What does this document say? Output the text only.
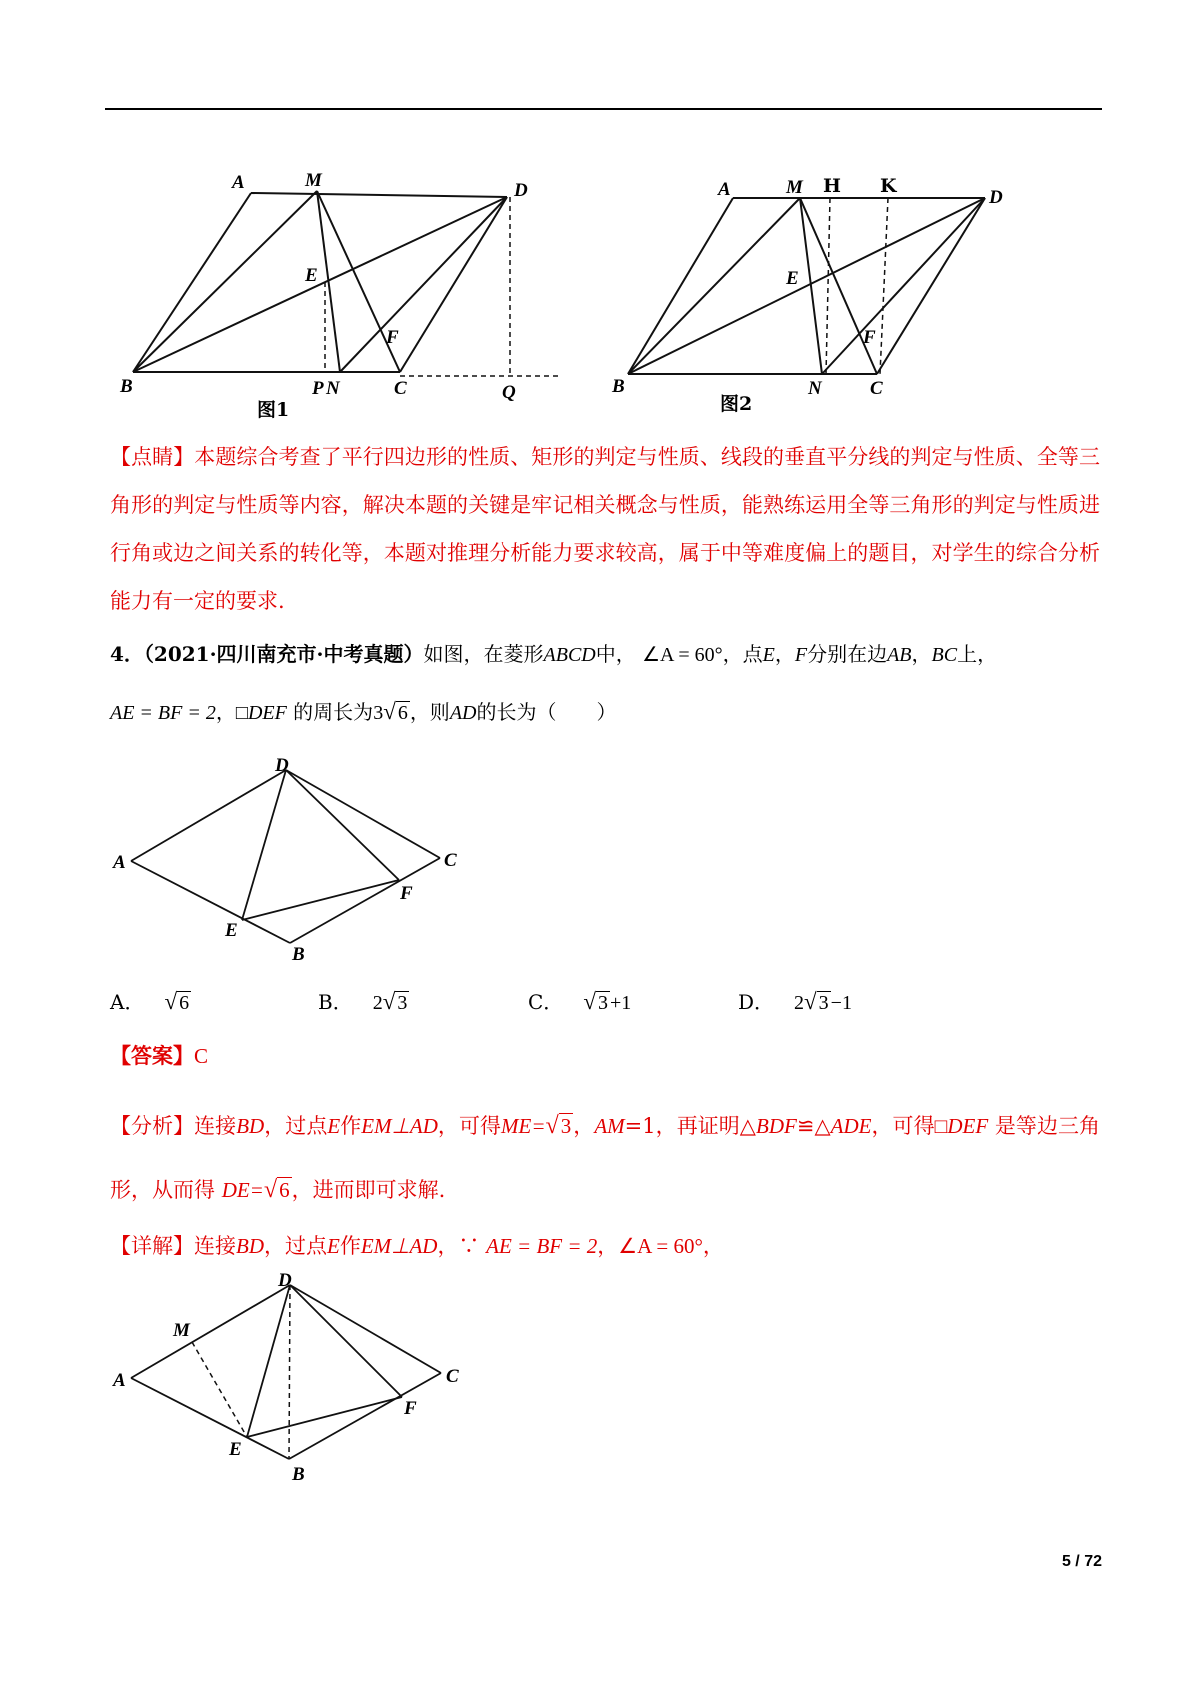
A	M	D
E
F
B	P N	C	Q
图1
A	M H K
D
E
F
B	N	C
图2
【点睛】本题综合考查了平行四边形的性质、矩形的判定与性质、线段的垂直平分线的判定与性质、全等三角形的判定与性质等内容，解决本题的关键是牢记相关概念与性质，能熟练运用全等三角形的判定与性质进行角或边之间关系的转化等，本题对推理分析能力要求较高，属于中等难度偏上的题目，对学生的综合分析能力有一定的要求.
4．（2021·四川南充市·中考真题）如图，在菱形ABCD中， ∠A = 60°，点E，F分别在边AB，BC上，
AE = BF = 2，□DEF 的周长为3√ 6 ，则AD的长为（　　）
D
A	C
F
E
B
A． √ 6	B． 2√ 3	C． √ 3 +1	D． 2√ 3 −1
【答案】C
【分析】连接BD，过点E作EM⊥AD，可得ME=√3，AM=1，再证明△BDF≌△ADE，可得□DEF 是等边三角形，从而得 DE=√6，进而即可求解.
【详解】连接BD，过点E作EM⊥AD，∵ AE = BF = 2，∠A = 60°，
D
M
A	C
F
E
B
5 / 72
